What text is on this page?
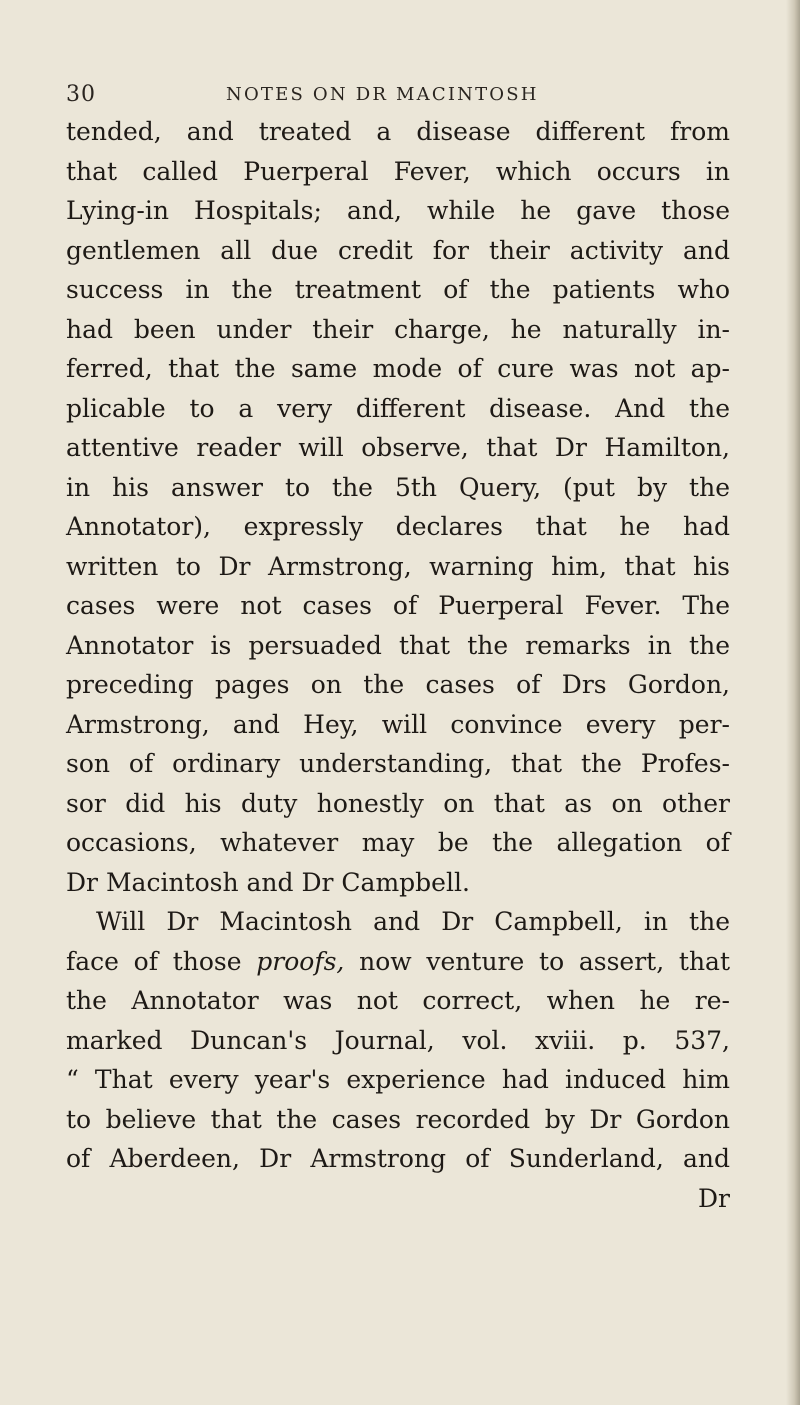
30	NOTES ON DR MACINTOSH
tended, and treated a disease different from
that called Puerperal Fever, which occurs in
Lying-in Hospitals; and, while he gave those
gentlemen all due credit for their activity and
success in the treatment of the patients who
had been under their charge, he naturally in-
ferred, that the same mode of cure was not ap-
plicable to a very different disease. And the
attentive reader will observe, that Dr Hamilton,
in his answer to the 5th Query, (put by the
Annotator), expressly declares that he had
written to Dr Armstrong, warning him, that his
cases were not cases of Puerperal Fever. The
Annotator is persuaded that the remarks in the
preceding pages on the cases of Drs Gordon,
Armstrong, and Hey, will convince every per-
son of ordinary understanding, that the Profes-
sor did his duty honestly on that as on other
occasions, whatever may be the allegation of
Dr Macintosh and Dr Campbell.
Will Dr Macintosh and Dr Campbell, in the
face of those proofs, now venture to assert, that
the Annotator was not correct, when he re-
marked Duncan's Journal, vol. xviii. p. 537,
“ That every year's experience had induced him
to believe that the cases recorded by Dr Gordon
of Aberdeen, Dr Armstrong of Sunderland, and
Dr
